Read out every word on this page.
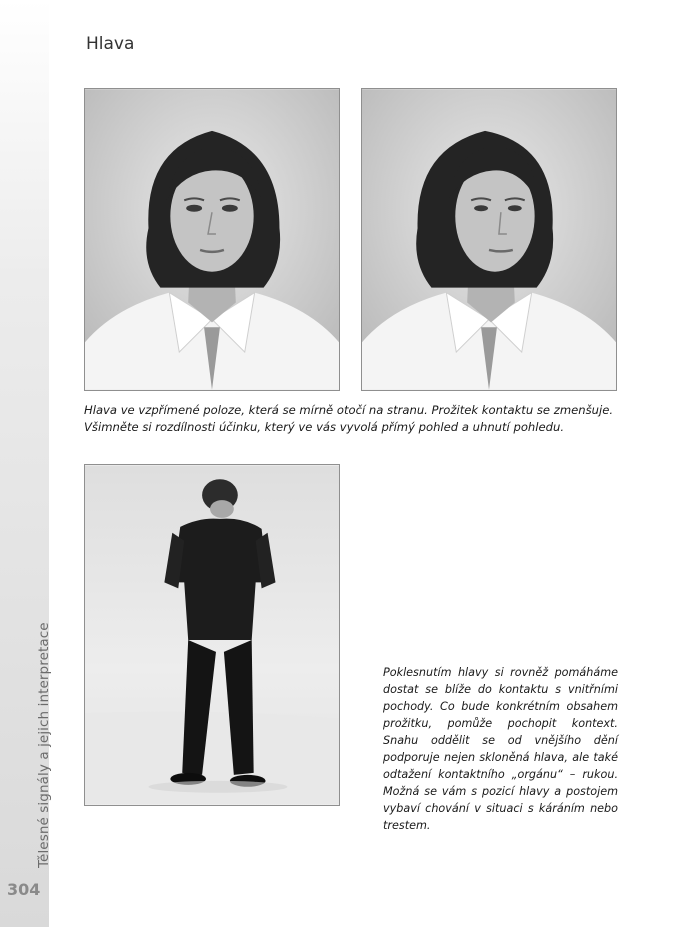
Tělesné signály a jejich interpretace
304
Hlava

Hlava ve vzpřímené poloze, která se mírně otočí na stranu. Prožitek kontaktu se zmenšuje. Všimněte si rozdílnosti účinku, který ve vás vyvolá přímý pohled a uhnutí pohledu.

Poklesnutím hlavy si rovněž pomáháme dostat se blíže do kontaktu s vnitřními pochody. Co bude konkrétním obsahem prožitku, pomůže pochopit kontext. Snahu oddělit se od vnějšího dění podporuje nejen skloněná hlava, ale také odtažení kontaktního „orgánu“ – rukou. Možná se vám s pozicí hlavy a postojem vybaví chování v situaci s káráním nebo trestem.
